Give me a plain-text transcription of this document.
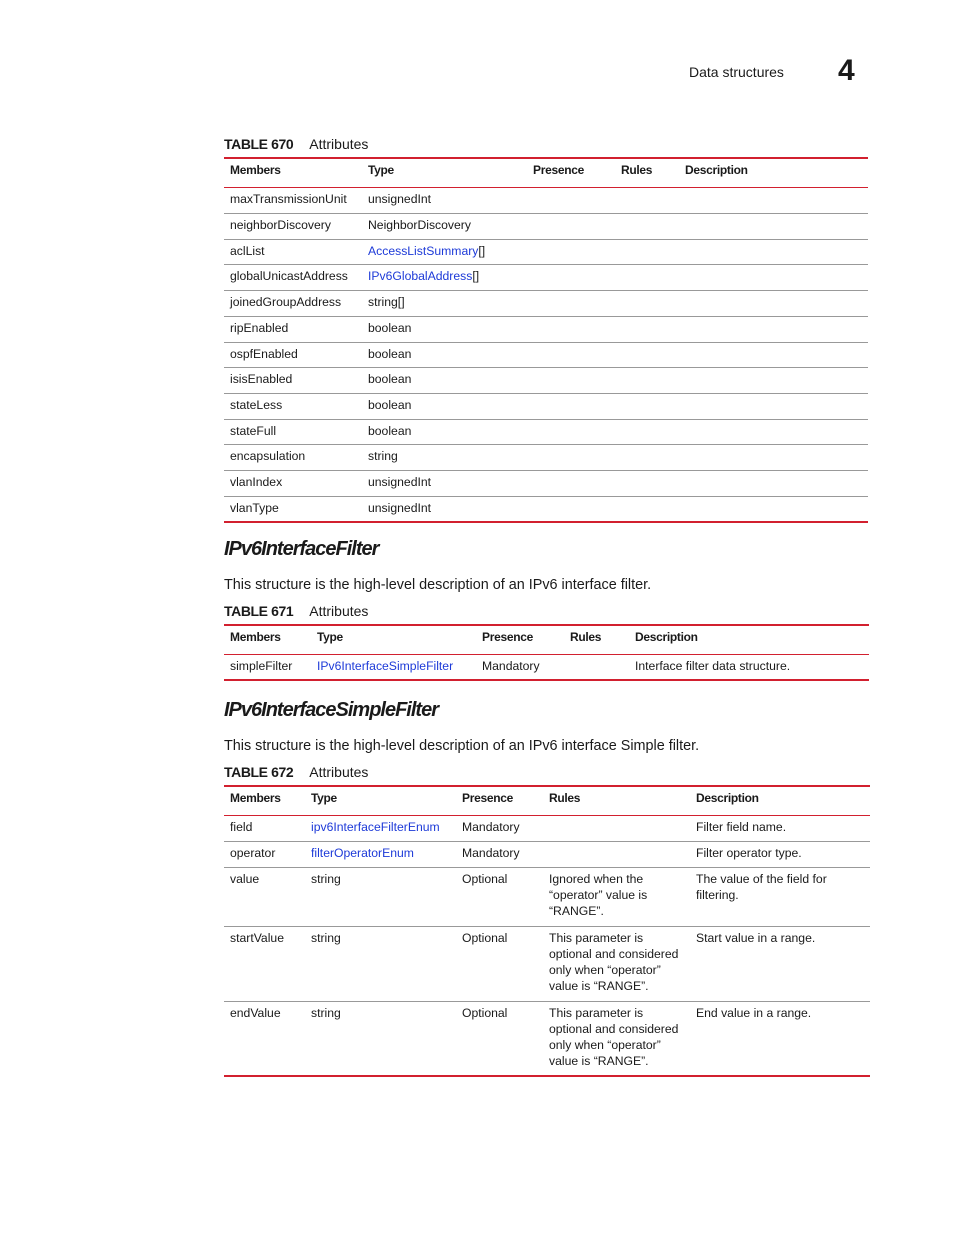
Data structures 4
TABLE 670 Attributes
Members	Type	Presence	Rules	Description
maxTransmissionUnit	unsignedInt			
neighborDiscovery	NeighborDiscovery			
aclList	AccessListSummary[]			
globalUnicastAddress	IPv6GlobalAddress[]			
joinedGroupAddress	string[]			
ripEnabled	boolean			
ospfEnabled	boolean			
isisEnabled	boolean			
stateLess	boolean			
stateFull	boolean			
encapsulation	string			
vlanIndex	unsignedInt			
vlanType	unsignedInt			
IPv6InterfaceFilter
This structure is the high-level description of an IPv6 interface filter.
TABLE 671 Attributes
Members	Type	Presence	Rules	Description
simpleFilter	IPv6InterfaceSimpleFilter	Mandatory		Interface filter data structure.
IPv6InterfaceSimpleFilter
This structure is the high-level description of an IPv6 interface Simple filter.
TABLE 672 Attributes
Members	Type	Presence	Rules	Description
field	ipv6InterfaceFilterEnum	Mandatory		Filter field name.
operator	filterOperatorEnum	Mandatory		Filter operator type.
value	string	Optional	Ignored when the “operator” value is “RANGE”.	The value of the field for filtering.
startValue	string	Optional	This parameter is optional and considered only when “operator” value is “RANGE”.	Start value in a range.
endValue	string	Optional	This parameter is optional and considered only when “operator” value is “RANGE”.	End value in a range.
